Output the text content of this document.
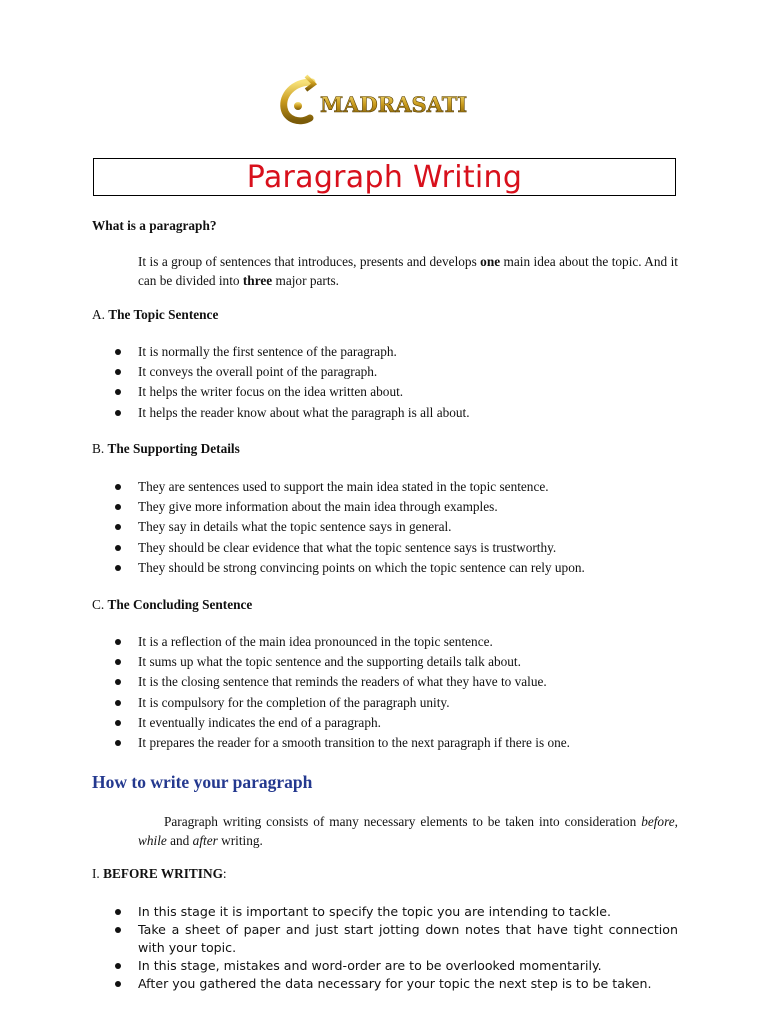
MADRASATI
Paragraph Writing
What is a paragraph?
It is a group of sentences that introduces, presents and develops one main idea about the topic. And it can be divided into three major parts.
A. The Topic Sentence
It is normally the first sentence of the paragraph.
It conveys the overall point of the paragraph.
It helps the writer focus on the idea written about.
It helps the reader know about what the paragraph is all about.
B. The Supporting Details
They are sentences used to support the main idea stated in the topic sentence.
They give more information about the main idea through examples.
They say in details what the topic sentence says in general.
They should be clear evidence that what the topic sentence says is trustworthy.
They should be strong convincing points on which the topic sentence can rely upon.
C. The Concluding Sentence
It is a reflection of the main idea pronounced in the topic sentence.
It sums up what the topic sentence and the supporting details talk about.
It is the closing sentence that reminds the readers of what they have to value.
It is compulsory for the completion of the paragraph unity.
It eventually indicates the end of a paragraph.
It prepares the reader for a smooth transition to the next paragraph if there is one.
How to write your paragraph
Paragraph writing consists of many necessary elements to be taken into consideration before, while and after writing.
I. BEFORE WRITING:
In this stage it is important to specify the topic you are intending to tackle.
Take a sheet of paper and just start jotting down notes that have tight connection with your topic.
In this stage, mistakes and word-order are to be overlooked momentarily.
After you gathered the data necessary for your topic the next step is to be taken.
